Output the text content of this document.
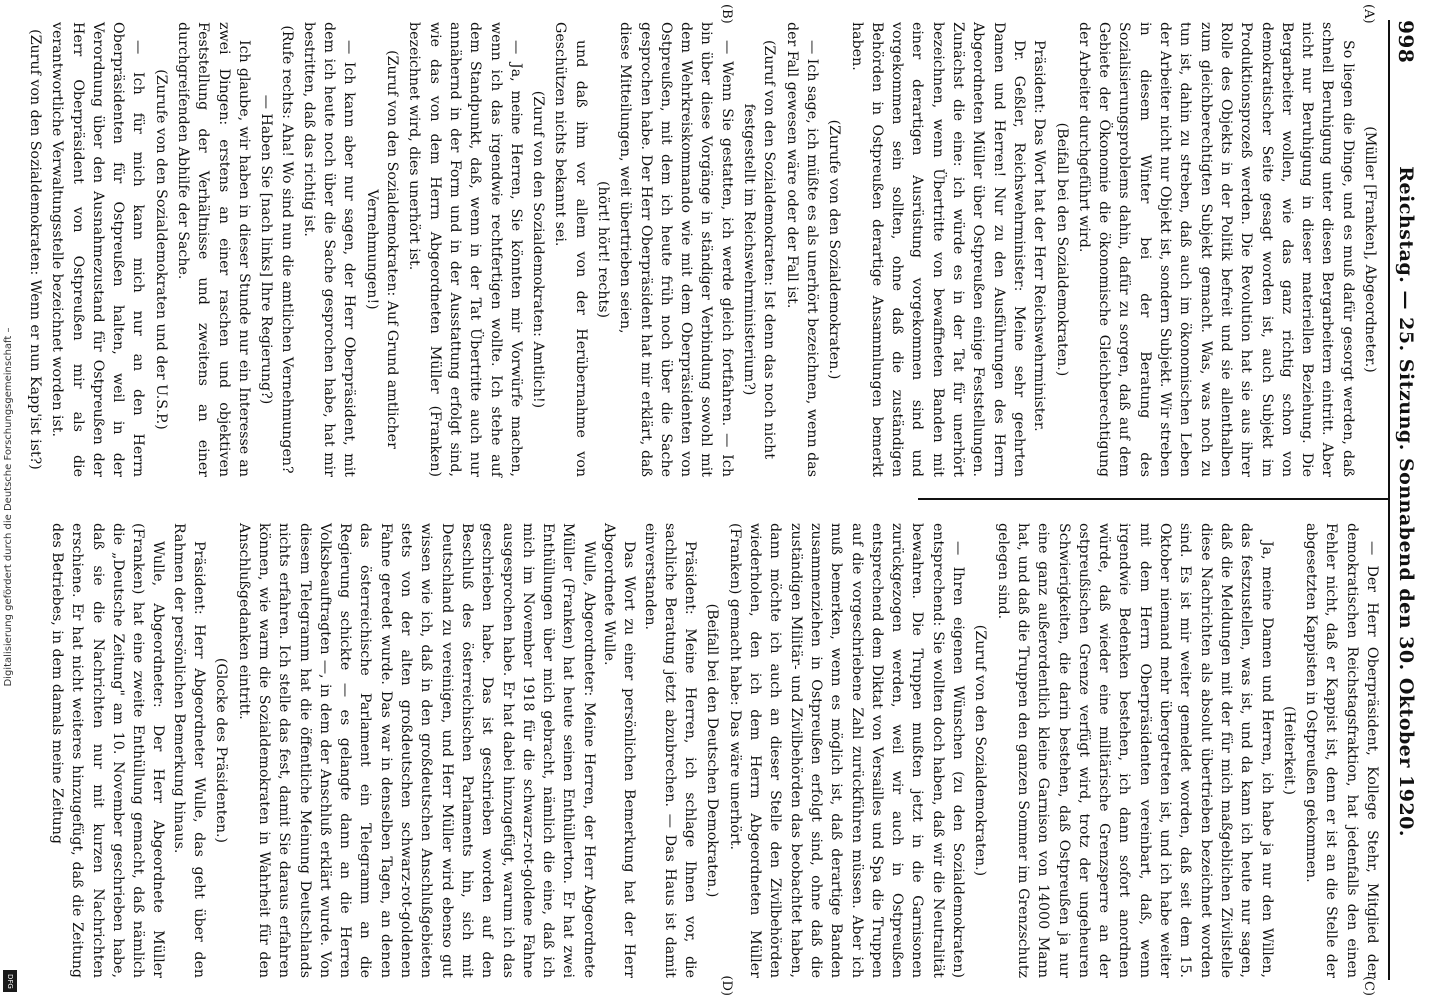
Digitalisierung gefördert durch die Deutsche Forschungsgemeinschaft –
DFG
998
Reichstag. — 25. Sitzung. Sonnabend den 30. Oktober 1920.
(A)
(B)
(C)
(D)

(Müller [Franken], Abgeordneter.)

So liegen die Dinge, und es muß dafür gesorgt werden, daß schnell Beruhigung unter diesen Bergarbeitern eintritt. Aber nicht nur Beruhigung in dieser materiellen Beziehung. Die Bergarbeiter wollen, wie das ganz richtig schon von demokratischer Seite gesagt worden ist, auch Subjekt im Produktionsprozeß werden. Die Revolution hat sie aus ihrer Rolle des Objekts in der Politik befreit und sie allenthalben zum gleichberechtigten Subjekt gemacht. Was, was noch zu tun ist, dahin zu streben, daß auch im ökonomischen Leben der Arbeiter nicht nur Objekt ist, sondern Subjekt. Wir streben in diesem Winter bei der Beratung des Sozialisierungsproblems dahin, dafür zu sorgen, daß auf dem Gebiete der Ökonomie die ökonomische Gleichberechtigung der Arbeiter durchgeführt wird.

(Beifall bei den Sozialdemokraten.)

Präsident: Das Wort hat der Herr Reichswehrminister.

Dr. Geßler, Reichswehrminister: Meine sehr geehrten Damen und Herren! Nur zu den Ausführungen des Herrn Abgeordneten Müller über Ostpreußen einige Feststellungen. Zunächst die eine: ich würde es in der Tat für unerhört bezeichnen, wenn Übertritte von bewaffneten Banden mit einer derartigen Ausrüstung vorgekommen sind und vorgekommen sein sollten, ohne daß die zuständigen Behörden in Ostpreußen derartige Ansammlungen bemerkt haben.

(Zurufe von den Sozialdemokraten.)

— Ich sage, ich müßte es als unerhört bezeichnen, wenn das der Fall gewesen wäre oder der Fall ist.

(Zuruf von den Sozialdemokraten: Ist denn das noch nicht festgestellt im Reichswehrministerium?)

— Wenn Sie gestatten, ich werde gleich fortfahren. — Ich bin über diese Vorgänge in ständiger Verbindung sowohl mit dem Wehrkreiskommando wie mit dem Oberpräsidenten von Ostpreußen, mit dem ich heute früh noch über die Sache gesprochen habe. Der Herr Oberpräsident hat mir erklärt, daß diese Mitteilungen, weit übertrieben seien,

(hört! hört! rechts)

und daß ihm vor allem von der Herübernahme von Geschützen nichts bekannt sei.

(Zuruf von den Sozialdemokraten: Amtlich!)

— Ja, meine Herren, Sie könnten mir Vorwürfe machen, wenn ich das irgendwie rechtfertigen wollte. Ich stehe auf dem Standpunkt, daß, wenn in der Tat Übertritte auch nur annähernd in der Form und in der Ausstattung erfolgt sind, wie das von dem Herrn Abgeordneten Müller (Franken) bezeichnet wird, dies unerhört ist.

(Zuruf von den Sozialdemokraten: Auf Grund amtlicher Vernehmungen!)

— Ich kann aber nur sagen, der Herr Oberpräsident, mit dem ich heute noch über die Sache gesprochen habe, hat mir bestritten, daß das richtig ist.

(Rufe rechts: Aha! Wo sind nun die amtlichen Vernehmungen? — Haben Sie [nach links] Ihre Regierung?)

Ich glaube, wir haben in dieser Stunde nur ein Interesse an zwei Dingen: erstens an einer raschen und objektiven Feststellung der Verhältnisse und zweitens an einer durchgreifenden Abhilfe der Sache.

(Zurufe von den Sozialdemokraten und der U.S.P.)

— Ich für mich kann mich nur an den Herrn Oberpräsidenten für Ostpreußen halten, weil in der Verordnung über den Ausnahmezustand für Ostpreußen der Herr Oberpräsident von Ostpreußen mir als die verantwortliche Verwaltungsstelle bezeichnet worden ist.

(Zuruf von den Sozialdemokraten: Wenn er nun Kapp'ist ist?)

— Der Herr Oberpräsident, Kollege Stehr, Mitglied der demokratischen Reichstagsfraktion, hat jedenfalls den einen Fehler nicht, daß er Kappist ist, denn er ist an die Stelle der abgesetzten Kappisten in Ostpreußen gekommen.

(Heiterkeit.)

Ja, meine Damen und Herren, ich habe ja nur den Willen, das festzustellen, was ist, und da kann ich heute nur sagen, daß die Meldungen mit der für mich maßgeblichen Zivilstelle diese Nachrichten als absolut übertrieben bezeichnet worden sind. Es ist mir weiter gemeldet worden, daß seit dem 15. Oktober niemand mehr übergetreten ist, und ich habe weiter mit dem Herrn Oberpräsidenten vereinbart, daß, wenn irgendwie Bedenken bestehen, ich dann sofort anordnen würde, daß wieder eine militärische Grenzsperre an der ostpreußischen Grenze verfügt wird, trotz der ungeheuren Schwierigkeiten, die darin bestehen, daß Ostpreußen ja nur eine ganz außerordentlich kleine Garnison von 14000 Mann hat, und daß die Truppen den ganzen Sommer im Grenzschutz gelegen sind.

(Zuruf von den Sozialdemokraten.)

— Ihren eigenen Wünschen (zu den Sozialdemokraten) entsprechend: Sie wollten doch haben, daß wir die Neutralität bewahren. Die Truppen mußten jetzt in die Garnisonen zurückgezogen werden, weil wir auch in Ostpreußen entsprechend dem Diktat von Versailles und Spa die Truppen auf die vorgeschriebene Zahl zurückführen müssen. Aber ich muß bemerken, wenn es möglich ist, daß derartige Banden zusammenziehen in Ostpreußen erfolgt sind, ohne daß die zuständigen Militär- und Zivilbehörden das beobachtet haben, dann möchte ich auch an dieser Stelle den Zivilbehörden wiederholen, den ich dem Herrn Abgeordneten Müller (Franken) gemacht habe: Das wäre unerhört.

(Beifall bei den Deutschen Demokraten.)

Präsident: Meine Herren, ich schlage Ihnen vor, die sachliche Beratung jetzt abzubrechen. — Das Haus ist damit einverstanden.

Das Wort zu einer persönlichen Bemerkung hat der Herr Abgeordnete Wulle.

Wulle, Abgeordneter: Meine Herren, der Herr Abgeordnete Müller (Franken) hat heute seinen Enthüllerton. Er hat zwei Enthüllungen über mich gebracht, nämlich die eine, daß ich mich im November 1918 für die schwarz-rot-goldene Fahne ausgesprochen habe. Er hat dabei hinzugefügt, warum ich das geschrieben habe. Das ist geschrieben worden auf den Beschluß des österreichischen Parlaments hin, sich mit Deutschland zu vereinigen, und Herr Müller wird ebenso gut wissen wie ich, daß in den großdeutschen Anschlußgebieten stets von der alten großdeutschen schwarz-rot-goldenen Fahne geredet wurde. Das war in denselben Tagen, an denen das österreichische Parlament ein Telegramm an die Regierung schickte — es gelangte dann an die Herren Volksbeauftragten —, in dem der Anschluß erklärt wurde. Von diesem Telegramm hat die öffentliche Meinung Deutschlands nichts erfahren. Ich stelle das fest, damit Sie daraus erfahren können, wie warm die Sozialdemokraten in Wahrheit für den Anschlußgedanken eintritt.

(Glocke des Präsidenten.)

Präsident: Herr Abgeordneter Wulle, das geht über den Rahmen der persönlichen Bemerkung hinaus.

Wulle, Abgeordneter: Der Herr Abgeordnete Müller (Franken) hat eine zweite Enthüllung gemacht, daß nämlich die „Deutsche Zeitung" am 10. November geschrieben habe, daß sie die Nachrichten nur mit kurzen Nachrichten erschiene. Er hat nicht weiteres hinzugefügt, daß die Zeitung des Betriebes, in dem damals meine Zeitung
